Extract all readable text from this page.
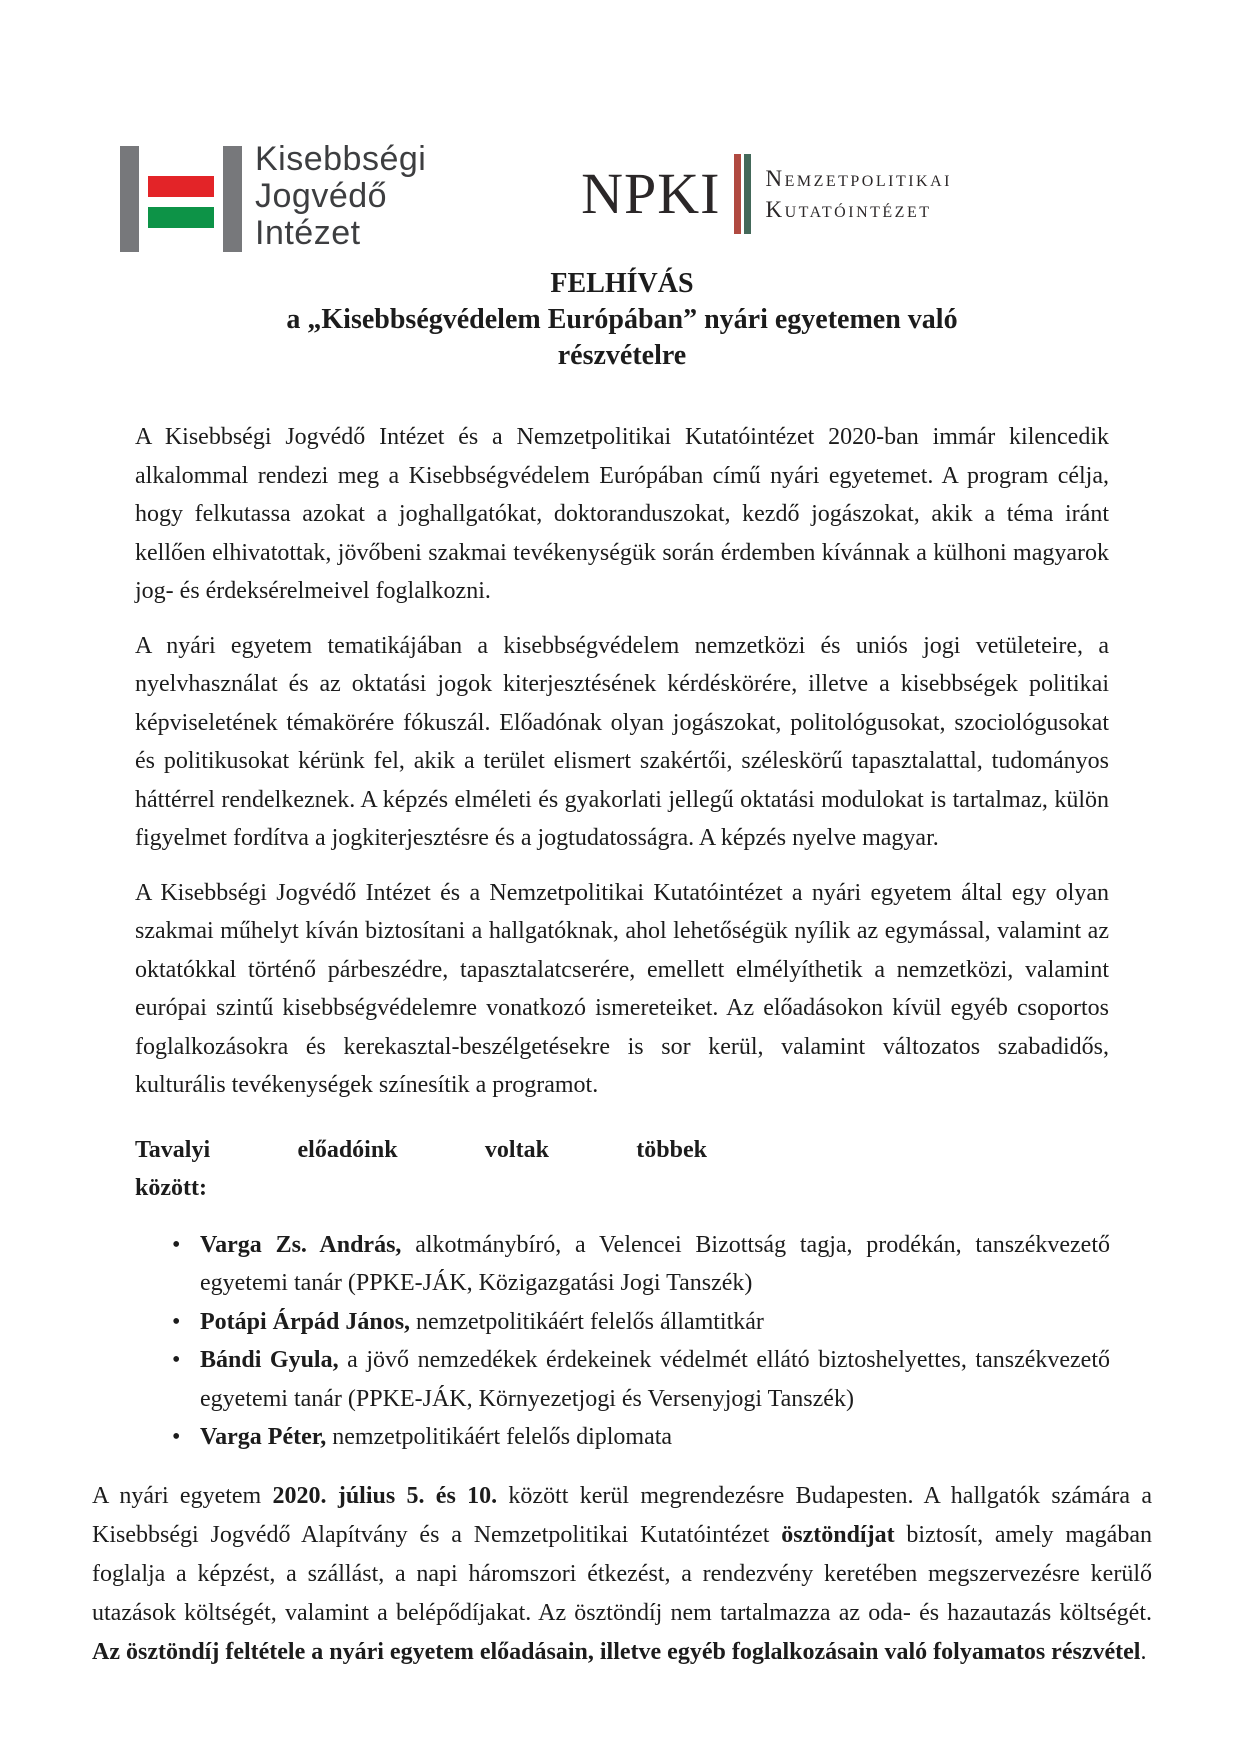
Kisebbségi
Jogvédő
Intézet
NPKI Nemzetpolitikai
Kutatóintézet
FELHÍVÁS
a „Kisebbségvédelem Európában” nyári egyetemen való
részvételre

A Kisebbségi Jogvédő Intézet és a Nemzetpolitikai Kutatóintézet 2020-ban immár kilencedik alkalommal rendezi meg a Kisebbségvédelem Európában című nyári egyetemet. A program célja, hogy felkutassa azokat a joghallgatókat, doktoranduszokat, kezdő jogászokat, akik a téma iránt kellően elhivatottak, jövőbeni szakmai tevékenységük során érdemben kívánnak a külhoni magyarok jog- és érdeksérelmeivel foglalkozni.

A nyári egyetem tematikájában a kisebbségvédelem nemzetközi és uniós jogi vetületeire, a nyelvhasználat és az oktatási jogok kiterjesztésének kérdéskörére, illetve a kisebbségek politikai képviseletének témakörére fókuszál. Előadónak olyan jogászokat, politológusokat, szociológusokat és politikusokat kérünk fel, akik a terület elismert szakértői, széleskörű tapasztalattal, tudományos háttérrel rendelkeznek. A képzés elméleti és gyakorlati jellegű oktatási modulokat is tartalmaz, külön figyelmet fordítva a jogkiterjesztésre és a jogtudatosságra. A képzés nyelve magyar.

A Kisebbségi Jogvédő Intézet és a Nemzetpolitikai Kutatóintézet a nyári egyetem által egy olyan szakmai műhelyt kíván biztosítani a hallgatóknak, ahol lehetőségük nyílik az egymással, valamint az oktatókkal történő párbeszédre, tapasztalatcserére, emellett elmélyíthetik a nemzetközi, valamint európai szintű kisebbségvédelemre vonatkozó ismereteiket. Az előadásokon kívül egyéb csoportos foglalkozásokra és kerekasztal-beszélgetésekre is sor kerül, valamint változatos szabadidős, kulturális tevékenységek színesítik a programot.

Tavalyi előadóink voltak többek
között:
• Varga Zs. András, alkotmánybíró, a Velencei Bizottság tagja, prodékán, tanszékvezető egyetemi tanár (PPKE-JÁK, Közigazgatási Jogi Tanszék)
• Potápi Árpád János, nemzetpolitikáért felelős államtitkár
• Bándi Gyula, a jövő nemzedékek érdekeinek védelmét ellátó biztoshelyettes, tanszékvezető egyetemi tanár (PPKE-JÁK, Környezetjogi és Versenyjogi Tanszék)
• Varga Péter, nemzetpolitikáért felelős diplomata

A nyári egyetem 2020. július 5. és 10. között kerül megrendezésre Budapesten. A hallgatók számára a Kisebbségi Jogvédő Alapítvány és a Nemzetpolitikai Kutatóintézet ösztöndíjat biztosít, amely magában foglalja a képzést, a szállást, a napi háromszori étkezést, a rendezvény keretében megszervezésre kerülő utazások költségét, valamint a belépődíjakat. Az ösztöndíj nem tartalmazza az oda- és hazautazás költségét. Az ösztöndíj feltétele a nyári egyetem előadásain, illetve egyéb foglalkozásain való folyamatos részvétel.
